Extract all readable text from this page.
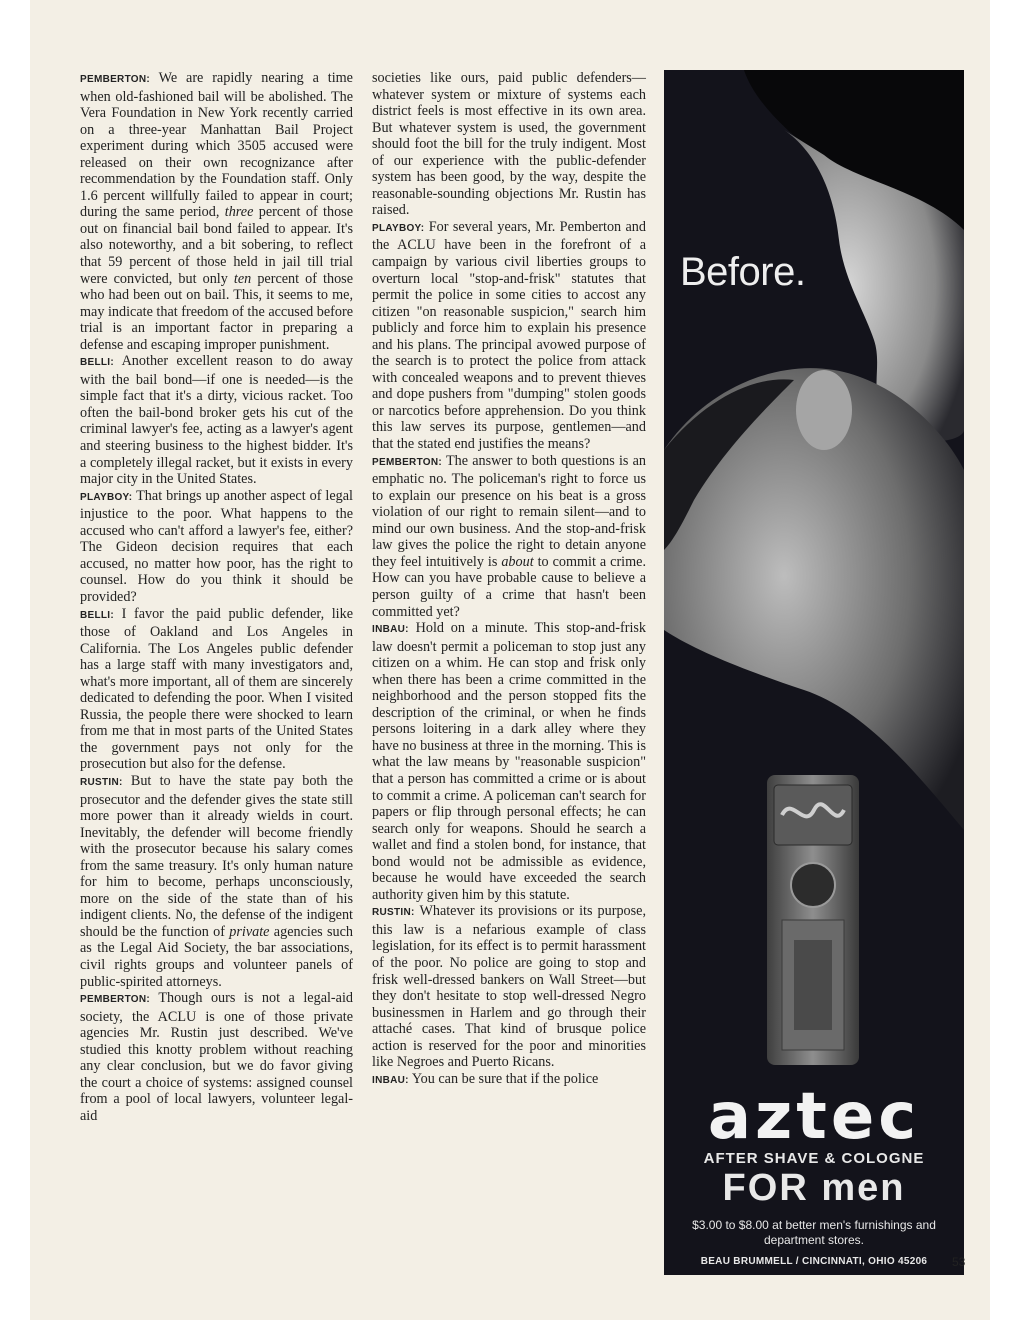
PEMBERTON: We are rapidly nearing a time when old-fashioned bail will be abolished. The Vera Foundation in New York recently carried on a three-year Manhattan Bail Project experiment during which 3505 accused were released on their own recognizance after recommendation by the Foundation staff. Only 1.6 percent willfully failed to appear in court; during the same period, three percent of those out on financial bail bond failed to appear. It's also noteworthy, and a bit sobering, to reflect that 59 percent of those held in jail till trial were convicted, but only ten percent of those who had been out on bail. This, it seems to me, may indicate that freedom of the accused before trial is an important factor in preparing a defense and escaping improper punishment.

BELLI: Another excellent reason to do away with the bail bond—if one is needed—is the simple fact that it's a dirty, vicious racket. Too often the bail-bond broker gets his cut of the criminal lawyer's fee, acting as a lawyer's agent and steering business to the highest bidder. It's a completely illegal racket, but it exists in every major city in the United States.

PLAYBOY: That brings up another aspect of legal injustice to the poor. What happens to the accused who can't afford a lawyer's fee, either? The Gideon decision requires that each accused, no matter how poor, has the right to counsel. How do you think it should be provided?

BELLI: I favor the paid public defender, like those of Oakland and Los Angeles in California. The Los Angeles public defender has a large staff with many investigators and, what's more important, all of them are sincerely dedicated to defending the poor. When I visited Russia, the people there were shocked to learn from me that in most parts of the United States the government pays not only for the prosecution but also for the defense.

RUSTIN: But to have the state pay both the prosecutor and the defender gives the state still more power than it already wields in court. Inevitably, the defender will become friendly with the prosecutor because his salary comes from the same treasury. It's only human nature for him to become, perhaps unconsciously, more on the side of the state than of his indigent clients. No, the defense of the indigent should be the function of private agencies such as the Legal Aid Society, the bar associations, civil rights groups and volunteer panels of public-spirited attorneys.

PEMBERTON: Though ours is not a legal-aid society, the ACLU is one of those private agencies Mr. Rustin just described. We've studied this knotty problem without reaching any clear conclusion, but we do favor giving the court a choice of systems: assigned counsel from a pool of local lawyers, volunteer legal-aid

societies like ours, paid public defenders—whatever system or mixture of systems each district feels is most effective in its own area. But whatever system is used, the government should foot the bill for the truly indigent. Most of our experience with the public-defender system has been good, by the way, despite the reasonable-sounding objections Mr. Rustin has raised.

PLAYBOY: For several years, Mr. Pemberton and the ACLU have been in the forefront of a campaign by various civil liberties groups to overturn local "stop-and-frisk" statutes that permit the police in some cities to accost any citizen "on reasonable suspicion," search him publicly and force him to explain his presence and his plans. The principal avowed purpose of the search is to protect the police from attack with concealed weapons and to prevent thieves and dope pushers from "dumping" stolen goods or narcotics before apprehension. Do you think this law serves its purpose, gentlemen—and that the stated end justifies the means?

PEMBERTON: The answer to both questions is an emphatic no. The policeman's right to force us to explain our presence on his beat is a gross violation of our right to remain silent—and to mind our own business. And the stop-and-frisk law gives the police the right to detain anyone they feel intuitively is about to commit a crime. How can you have probable cause to believe a person guilty of a crime that hasn't been committed yet?

INBAU: Hold on a minute. This stop-and-frisk law doesn't permit a policeman to stop just any citizen on a whim. He can stop and frisk only when there has been a crime committed in the neighborhood and the person stopped fits the description of the criminal, or when he finds persons loitering in a dark alley where they have no business at three in the morning. This is what the law means by "reasonable suspicion" that a person has committed a crime or is about to commit a crime. A policeman can't search for papers or flip through personal effects; he can search only for weapons. Should he search a wallet and find a stolen bond, for instance, that bond would not be admissible as evidence, because he would have exceeded the search authority given him by this statute.

RUSTIN: Whatever its provisions or its purpose, this law is a nefarious example of class legislation, for its effect is to permit harassment of the poor. No police are going to stop and frisk well-dressed bankers on Wall Street—but they don't hesitate to stop well-dressed Negro businessmen in Harlem and go through their attaché cases. That kind of brusque police action is reserved for the poor and minorities like Negroes and Puerto Ricans.

INBAU: You can be sure that if the police

Before.
aztec
AFTER SHAVE & COLOGNE
FOR men
$3.00 to $8.00 at better men's furnishings and department stores.
BEAU BRUMMELL / CINCINNATI, OHIO 45206	53
